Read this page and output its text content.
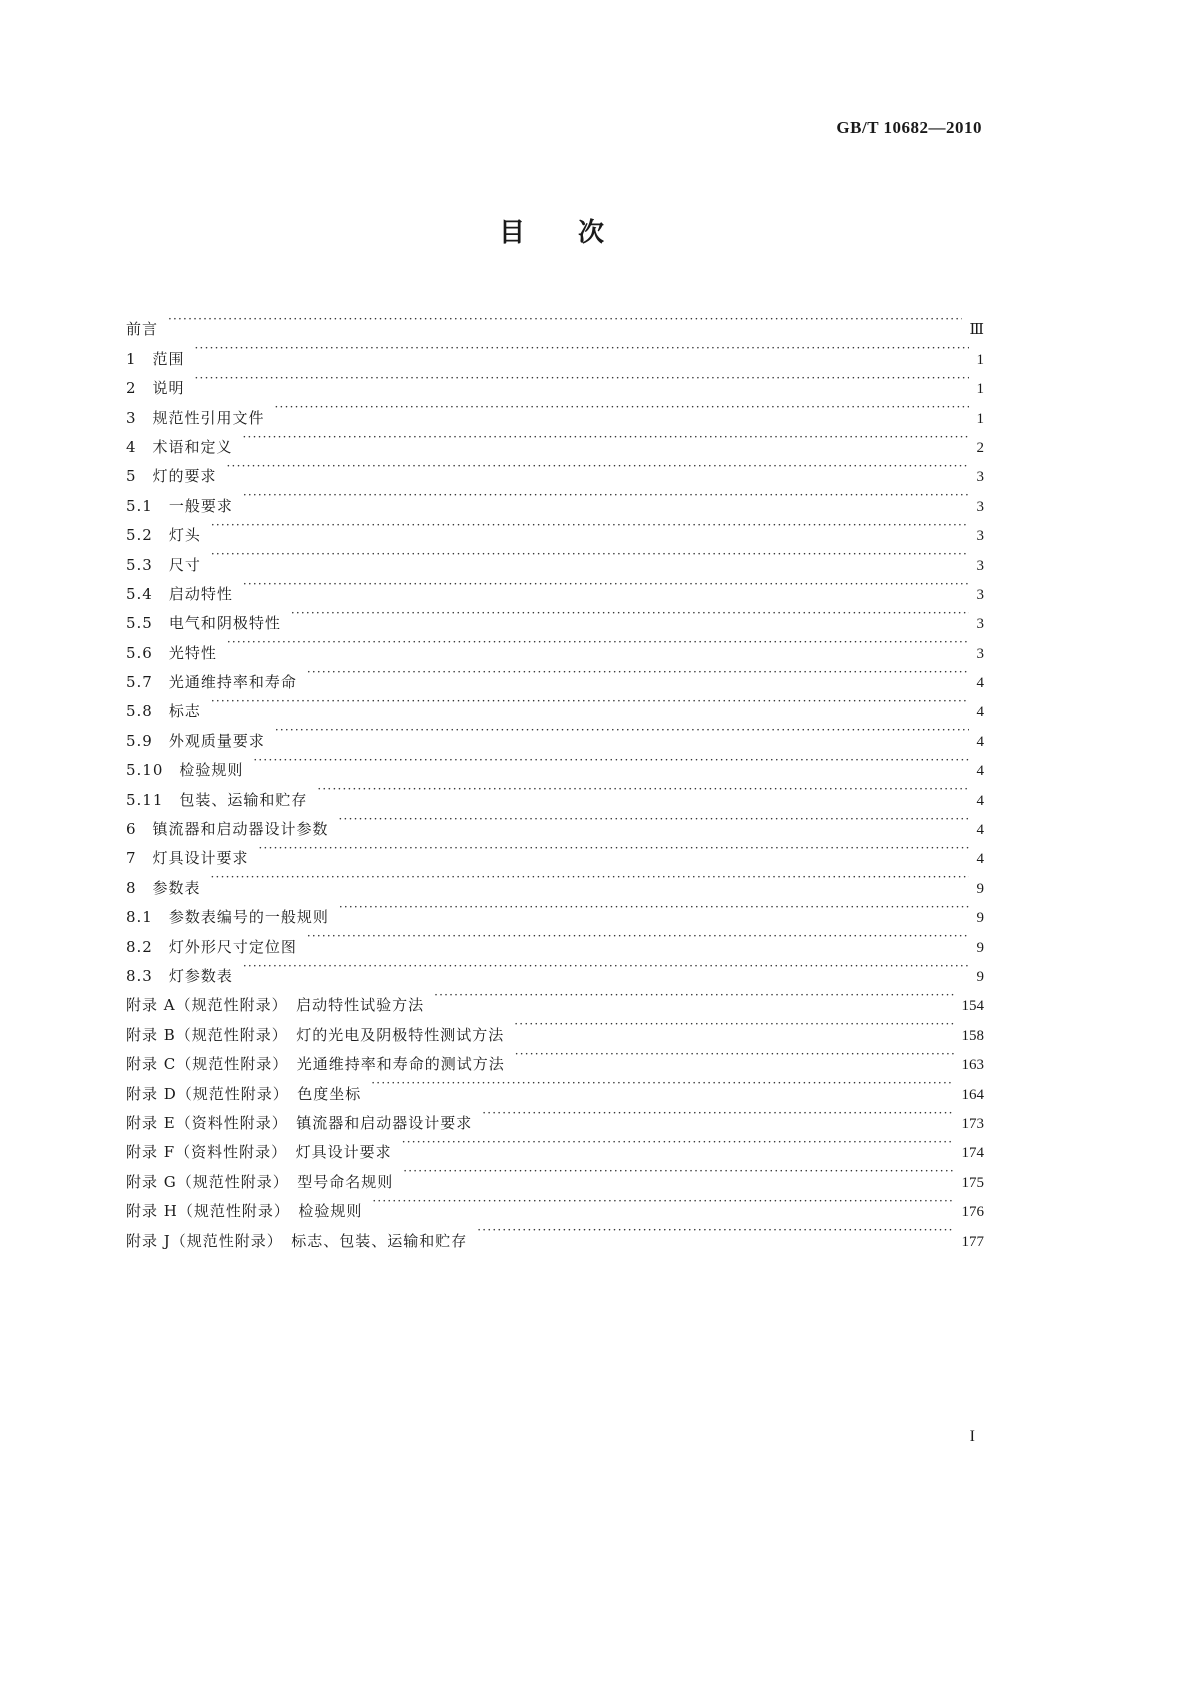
GB/T 10682—2010
目 次
前言 ·····	Ⅲ
1　范围 ·····	1
2　说明 ·····	1
3　规范性引用文件 ·····	1
4　术语和定义 ·····	2
5　灯的要求 ·····	3
5.1　一般要求 ·····	3
5.2　灯头 ·····	3
5.3　尺寸 ·····	3
5.4　启动特性 ·····	3
5.5　电气和阴极特性 ·····	3
5.6　光特性 ·····	3
5.7　光通维持率和寿命 ·····	4
5.8　标志 ·····	4
5.9　外观质量要求 ·····	4
5.10　检验规则 ·····	4
5.11　包装、运输和贮存 ·····	4
6　镇流器和启动器设计参数 ·····	4
7　灯具设计要求 ·····	4
8　参数表 ·····	9
8.1　参数表编号的一般规则 ·····	9
8.2　灯外形尺寸定位图 ·····	9
8.3　灯参数表 ·····	9
附录 A（规范性附录）　启动特性试验方法 ·····	154
附录 B（规范性附录）　灯的光电及阴极特性测试方法 ·····	158
附录 C（规范性附录）　光通维持率和寿命的测试方法 ·····	163
附录 D（规范性附录）　色度坐标 ·····	164
附录 E（资料性附录）　镇流器和启动器设计要求 ·····	173
附录 F（资料性附录）　灯具设计要求 ·····	174
附录 G（规范性附录）　型号命名规则 ·····	175
附录 H（规范性附录）　检验规则 ·····	176
附录 J（规范性附录）　标志、包装、运输和贮存 ·····	177
I
